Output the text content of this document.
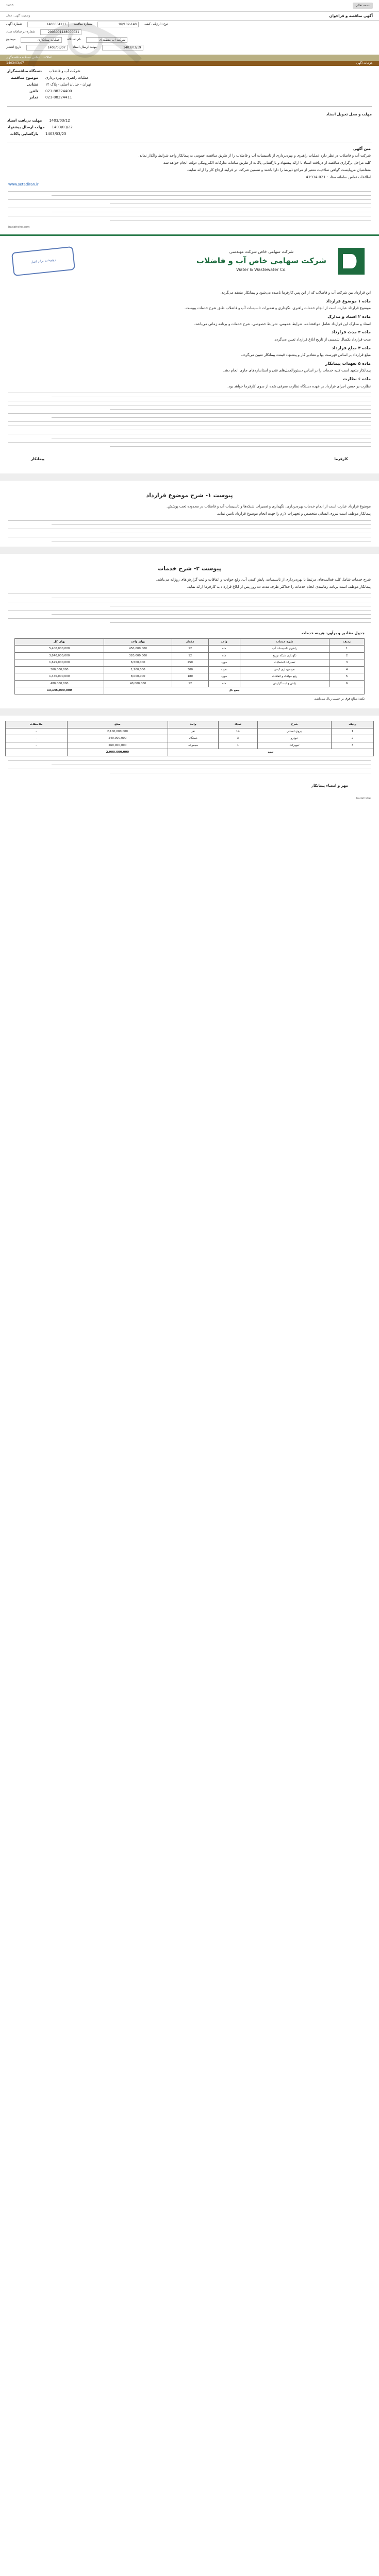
1403	بسمه تعالی
آگهی مناقصه و فراخوان
وضعیت آگهی : فعال
شماره آگهی	1403004111	شماره مناقصه	99/102-140	نوع : ارزیابی کیفی
شماره در سامانه ستاد	2003001148000021
موضوع	عملیات پیمانکاری	نام دستگاه	شرکت آب منطقه‌ای
تاریخ انتشار	1403/03/07	مهلت ارسال اسناد	1403/03/19
اطلاعات تماس دستگاه مناقصه‌گزار
جزئیات آگهی
1403/03/07
دستگاه مناقصه‌گزار شرکت آب و فاضلاب
موضوع مناقصه عملیات راهبری و بهره‌برداری
نشانی تهران - خیابان اصلی - پلاک ۱۲
تلفن 021-88224400
نمابر 021-88224411
مهلت و محل تحویل اسناد
مهلت دریافت اسناد 1403/03/12
مهلت ارسال پیشنهاد 1403/03/22
بازگشایی پاکات 1403/03/23

متن آگهی

شرکت آب و فاضلاب در نظر دارد عملیات راهبری و بهره‌برداری از تاسیسات آب و فاضلاب را از طریق مناقصه عمومی به پیمانکار واجد شرایط واگذار نماید.

کلیه مراحل برگزاری مناقصه از دریافت اسناد تا ارائه پیشنهاد و بازگشایی پاکات از طریق سامانه تدارکات الکترونیکی دولت انجام خواهد شد.

متقاضیان می‌بایست گواهی صلاحیت معتبر از مراجع ذیربط را دارا باشند و تضمین شرکت در فرآیند ارجاع کار را ارائه نمایند.

اطلاعات تماس سامانه ستاد : 021-41934

www.setadiran.ir

hadafrahe.com
شرکت سهامی خاص شرکت مهندسی
شرکت سهامی خاص آب و فاضلاب
Water & Wastewater Co.
رونوشت برابر اصل

این قرارداد بین شرکت آب و فاضلاب که از این پس کارفرما نامیده می‌شود و پیمانکار منعقد می‌گردد.

ماده ۱ موضوع قرارداد

موضوع قرارداد عبارت است از انجام خدمات راهبری، نگهداری و تعمیرات تاسیسات آب و فاضلاب طبق شرح خدمات پیوست.

ماده ۲ اسناد و مدارک

اسناد و مدارک این قرارداد شامل موافقتنامه، شرایط عمومی، شرایط خصوصی، شرح خدمات و برنامه زمانی می‌باشد.

ماده ۳ مدت قرارداد

مدت قرارداد یکسال شمسی از تاریخ ابلاغ قرارداد تعیین می‌گردد.

ماده ۴ مبلغ قرارداد

مبلغ قرارداد بر اساس فهرست بها و مقادیر کار و پیشنهاد قیمت پیمانکار تعیین می‌گردد.

ماده ۵ تعهدات پیمانکار

پیمانکار متعهد است کلیه خدمات را بر اساس دستورالعمل‌های فنی و استانداردهای جاری انجام دهد.

ماده ۶ نظارت

نظارت بر حسن اجرای قرارداد بر عهده دستگاه نظارت معرفی شده از سوی کارفرما خواهد بود.

کارفرما
پیمانکار
پیوست ۱- شرح موضوع قرارداد

موضوع قرارداد عبارت است از انجام خدمات بهره‌برداری، نگهداری و تعمیرات شبکه‌ها و تاسیسات آب و فاضلاب در محدوده تحت پوشش.

پیمانکار موظف است نیروی انسانی متخصص و تجهیزات لازم را جهت انجام موضوع قرارداد تامین نماید.

پیوست ۲- شرح خدمات

شرح خدمات شامل کلیه فعالیت‌های مرتبط با بهره‌برداری از تاسیسات، پایش کیفی آب، رفع حوادث و اتفاقات و ثبت گزارش‌های روزانه می‌باشد.

پیمانکار موظف است برنامه زمانبندی انجام خدمات را حداکثر ظرف مدت ده روز پس از ابلاغ قرارداد به کارفرما ارائه نماید.

جدول مقادیر و برآورد هزینه خدمات
ردیف	شرح خدمات	واحد	مقدار	بهای واحد	بهای کل
1	راهبری تاسیسات آب	ماه	12	450,000,000	5,400,000,000
2	نگهداری شبکه توزیع	ماه	12	320,000,000	3,840,000,000
3	تعمیرات انشعابات	مورد	250	6,500,000	1,625,000,000
4	نمونه‌برداری کیفی	نمونه	300	1,200,000	360,000,000
5	رفع حوادث و اتفاقات	مورد	180	8,000,000	1,440,000,000
6	پایش و ثبت گزارش	ماه	12	40,000,000	480,000,000
جمع کل					13,145,000,000
نکته: مبالغ فوق بر حسب ریال می‌باشد.
ردیف	شرح	تعداد	واحد	مبلغ	ملاحظات
1	نیروی انسانی	14	نفر	2,100,000,000	-
2	خودرو	3	دستگاه	540,000,000	-
3	تجهیزات	1	مجموعه	260,000,000	-
جمع				2,900,000,000	
مهر و امضاء پیمانکار
hadafrahe
